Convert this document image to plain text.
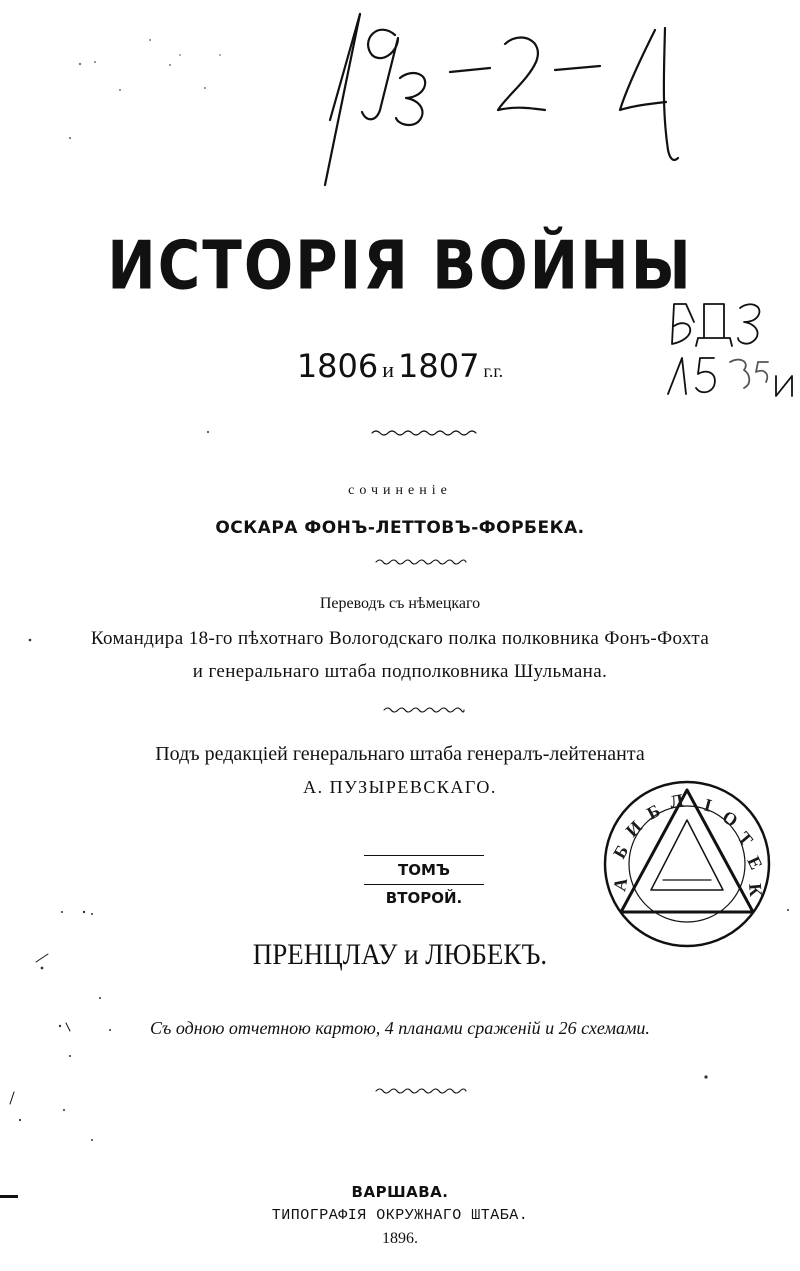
ИСТОРІЯ ВОЙНЫ
1806 и 1807 г.г.
сочиненіе
ОСКАРА ФОНЪ-ЛЕТТОВЪ-ФОРБЕКА.
Переводъ съ нѣмецкаго
Командира 18-го пѣхотнаго Вологодскаго полка полковника Фонъ-Фохта
и генеральнаго штаба подполковника Шульмана.
Подъ редакціей генеральнаго штаба генералъ-лейтенанта
А. ПУЗЫРЕВСКАГО.
ТОМЪ ВТОРОЙ.
Б
И
Б Л І
О
Т
Е
К
А
ПРЕНЦЛАУ и ЛЮБЕКЪ.
Съ одною отчетною картою, 4 планами сраженій и 26 схемами.
ВАРШАВА.
ТИПОГРАФІЯ ОКРУЖНАГО ШТАБА.
1896.
